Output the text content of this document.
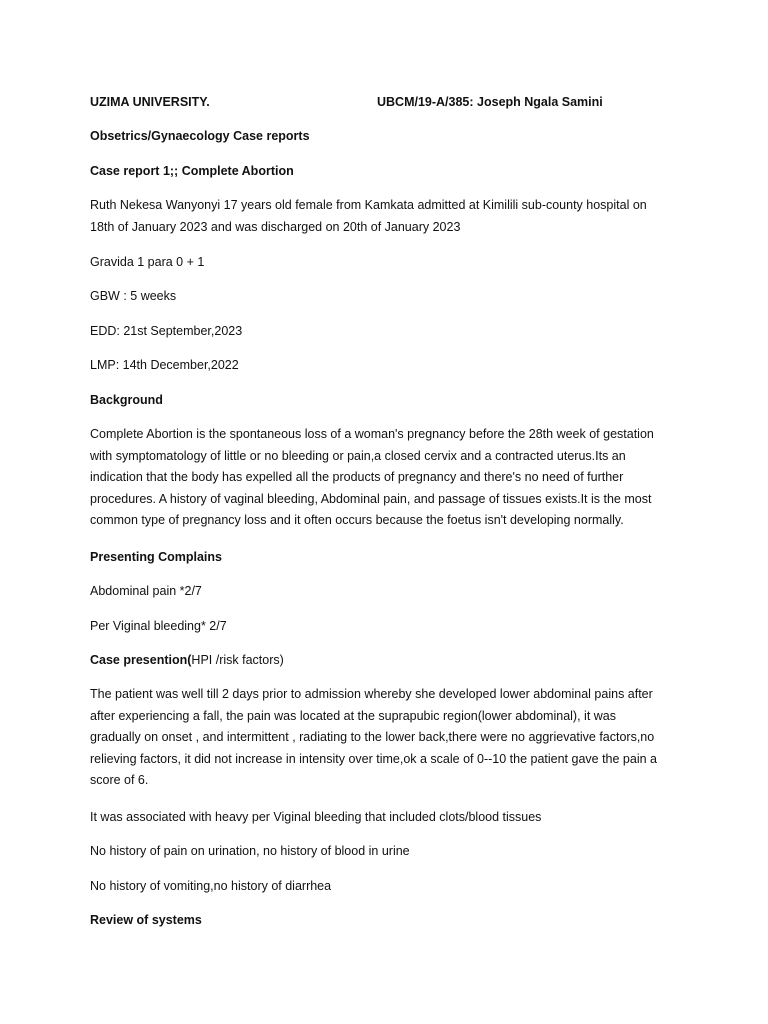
UZIMA UNIVERSITY.	UBCM/19-A/385: Joseph Ngala Samini
Obsetrics/Gynaecology Case reports
Case report 1;; Complete Abortion
Ruth Nekesa Wanyonyi 17 years old female from Kamkata admitted at Kimilili sub-county hospital on
18th of January 2023 and was discharged on 20th of January 2023
Gravida 1 para 0 + 1
GBW : 5 weeks
EDD: 21st September,2023
LMP: 14th December,2022
Background
Complete Abortion is the spontaneous loss of a woman's pregnancy before the 28th week of gestation
with symptomatology of little or no bleeding or pain,a closed cervix and a contracted uterus.Its an
indication that the body has expelled all the products of pregnancy and there's no need of further
procedures. A history of vaginal bleeding, Abdominal pain, and passage of tissues exists.It is the most
common type of pregnancy loss and it often occurs because the foetus isn't developing normally.
Presenting Complains
Abdominal pain *2/7
Per Viginal bleeding* 2/7
Case presention(HPI /risk factors)
The patient was well till 2 days prior to admission whereby she developed lower abdominal pains after
after experiencing a fall, the pain was located at the suprapubic region(lower abdominal), it was
gradually on onset , and intermittent , radiating to the lower back,there were no aggrievative factors,no
relieving factors, it did not increase in intensity over time,ok a scale of 0--10 the patient gave the pain a
score of 6.
It was associated with heavy per Viginal bleeding that included clots/blood tissues
No history of pain on urination, no history of blood in urine
No history of vomiting,no history of diarrhea
Review of systems
